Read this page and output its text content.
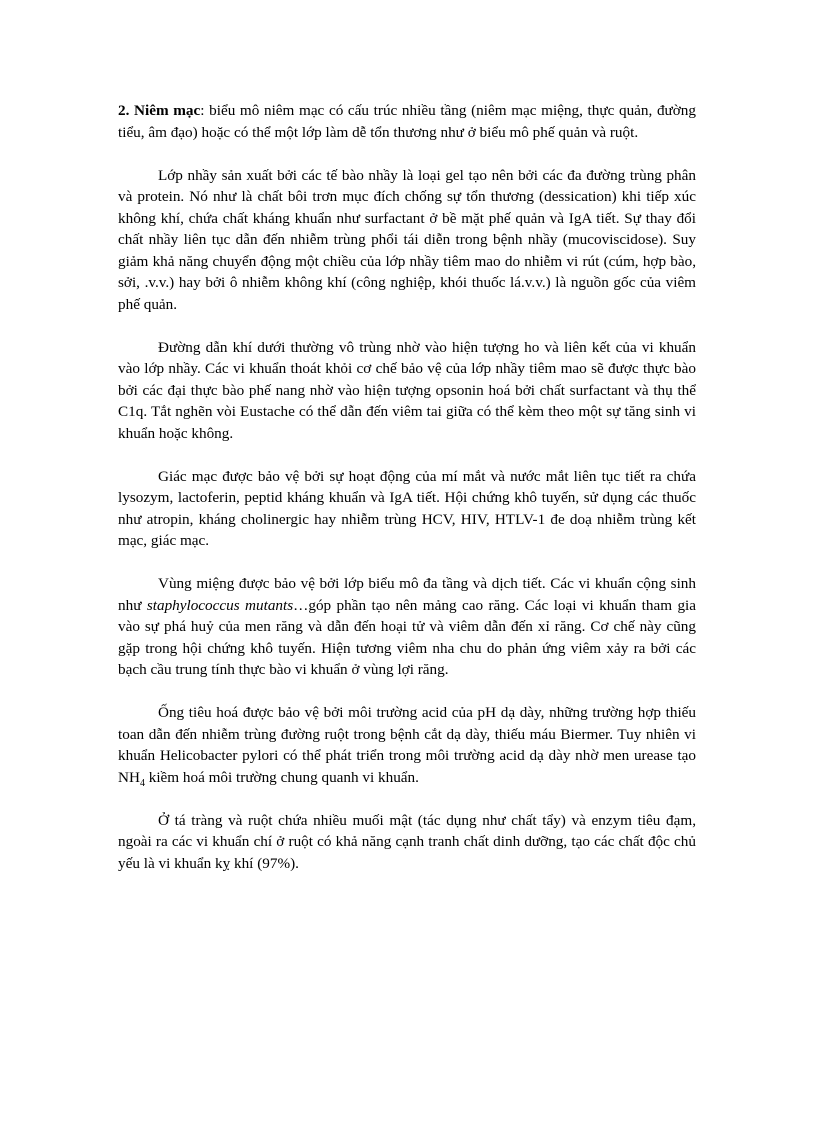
2. Niêm mạc: biểu mô niêm mạc có cấu trúc nhiều tầng (niêm mạc miệng, thực quản, đường tiểu, âm đạo) hoặc có thể một lớp làm dễ tổn thương như ở biểu mô phế quản và ruột.

Lớp nhầy sản xuất bởi các tế bào nhầy là loại gel tạo nên bởi các đa đường trùng phân và protein. Nó như là chất bôi trơn mục đích chống sự tổn thương (dessication) khi tiếp xúc không khí, chứa chất kháng khuẩn như surfactant ở bề mặt phế quản và IgA tiết. Sự thay đổi chất nhầy liên tục dẫn đến nhiễm trùng phổi tái diễn trong bệnh nhầy (mucoviscidose). Suy giảm khả năng chuyển động một chiều của lớp nhầy tiêm mao do nhiễm vi rút (cúm, hợp bào, sởi, .v.v.) hay bởi ô nhiễm không khí (công nghiệp, khói thuốc lá.v.v.) là nguồn gốc của viêm phế quản.

Đường dẫn khí dưới thường vô trùng nhờ vào hiện tượng ho và liên kết của vi khuẩn vào lớp nhầy. Các vi khuẩn thoát khỏi cơ chế bảo vệ của lớp nhầy tiêm mao sẽ được thực bào bởi các đại thực bào phế nang nhờ vào hiện tượng opsonin hoá bởi chất surfactant và thụ thể C1q. Tắt nghẽn vòi Eustache có thể dẫn đến viêm tai giữa có thể kèm theo một sự tăng sinh vi khuẩn hoặc không.

Giác mạc được bảo vệ bởi sự hoạt động của mí mắt và nước mắt liên tục tiết ra chứa lysozym, lactoferin, peptid kháng khuẩn và IgA tiết. Hội chứng khô tuyến, sử dụng các thuốc như atropin, kháng cholinergic hay nhiễm trùng HCV, HIV, HTLV-1 đe doạ nhiễm trùng kết mạc, giác mạc.

Vùng miệng được bảo vệ bởi lớp biểu mô đa tầng và dịch tiết. Các vi khuẩn cộng sinh như staphylococcus mutants…góp phần tạo nên mảng cao răng. Các loại vi khuẩn tham gia vào sự phá huỷ của men răng và dẫn đến hoại tử và viêm dẫn đến xỉ răng. Cơ chế này cũng gặp trong hội chứng khô tuyến. Hiện tương viêm nha chu do phản ứng viêm xảy ra bởi các bạch cầu trung tính thực bào vi khuẩn ở vùng lợi răng.

Ống tiêu hoá được bảo vệ bởi môi trường acid của pH dạ dày, những trường hợp thiếu toan dẫn đến nhiễm trùng đường ruột trong bệnh cắt dạ dày, thiếu máu Biermer. Tuy nhiên vi khuẩn Helicobacter pylori có thể phát triển trong môi trường acid dạ dày nhờ men urease tạo $NH_4$ kiềm hoá môi trường chung quanh vi khuẩn.

Ở tá tràng và ruột chứa nhiều muối mật (tác dụng như chất tẩy) và enzym tiêu đạm, ngoài ra các vi khuẩn chí ở ruột có khả năng cạnh tranh chất dinh dưỡng, tạo các chất độc chủ yếu là vi khuẩn kỵ khí (97%).
